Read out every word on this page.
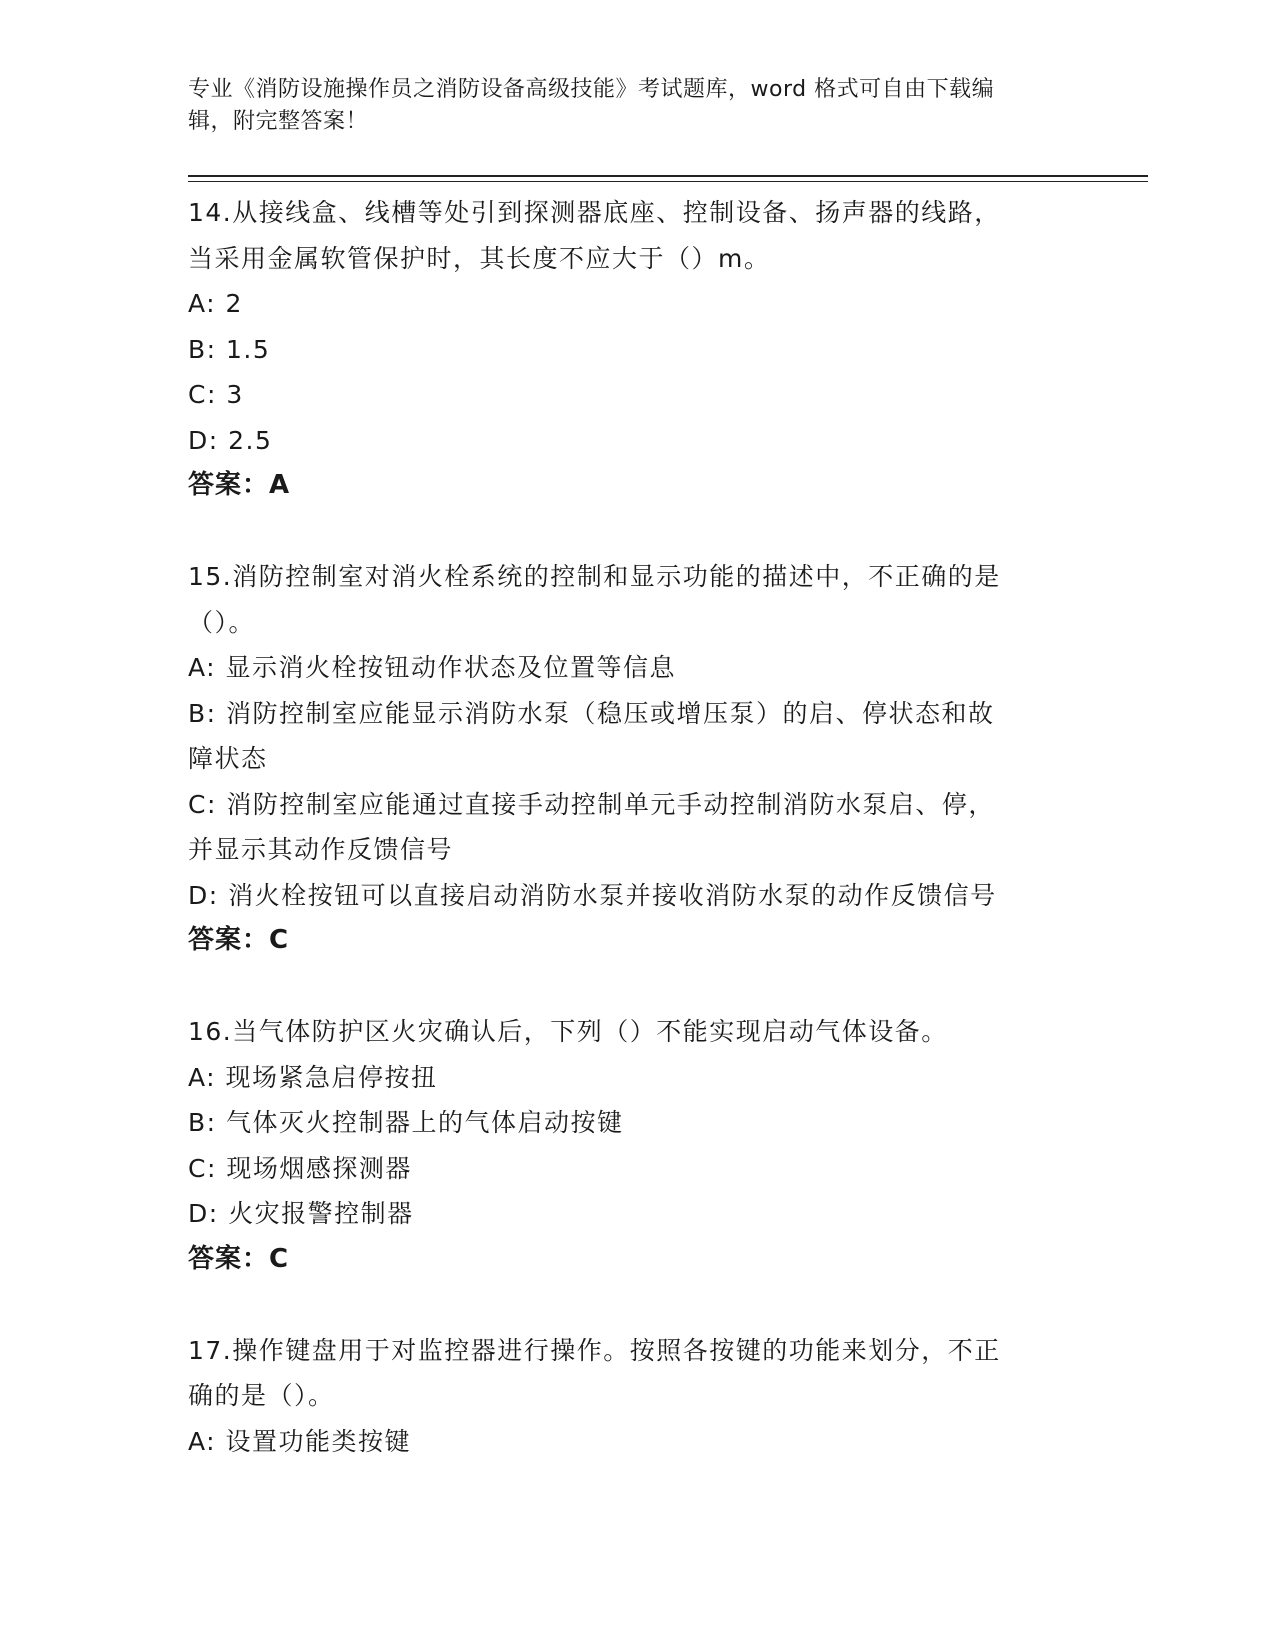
专业《消防设施操作员之消防设备高级技能》考试题库，word 格式可自由下载编
辑，附完整答案！
14.从接线盒、线槽等处引到探测器底座、控制设备、扬声器的线路，
当采用金属软管保护时，其长度不应大于（）m。
A: 2
B: 1.5
C: 3
D: 2.5
答案：A
15.消防控制室对消火栓系统的控制和显示功能的描述中，不正确的是
（）。
A: 显示消火栓按钮动作状态及位置等信息
B: 消防控制室应能显示消防水泵（稳压或增压泵）的启、停状态和故
障状态
C: 消防控制室应能通过直接手动控制单元手动控制消防水泵启、停，
并显示其动作反馈信号
D: 消火栓按钮可以直接启动消防水泵并接收消防水泵的动作反馈信号
答案：C
16.当气体防护区火灾确认后，下列（）不能实现启动气体设备。
A: 现场紧急启停按扭
B: 气体灭火控制器上的气体启动按键
C: 现场烟感探测器
D: 火灾报警控制器
答案：C
17.操作键盘用于对监控器进行操作。按照各按键的功能来划分，不正
确的是（）。
A: 设置功能类按键
